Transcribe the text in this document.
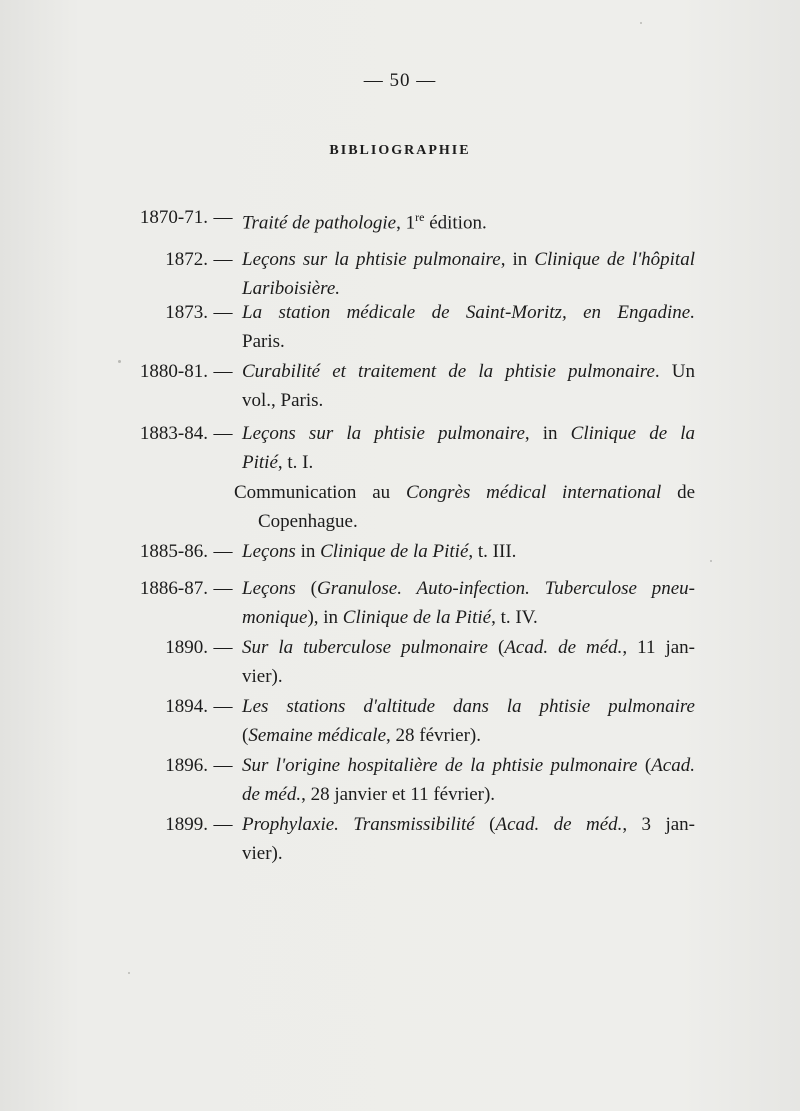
— 50 —
BIBLIOGRAPHIE
1870-71. — Traité de pathologie, 1re édition.
1872. — Leçons sur la phtisie pulmonaire, in Clinique de l'hôpital
Lariboisière.
1873. — La station médicale de Saint-Moritz, en Engadine.
Paris.
1880-81. — Curabilité et traitement de la phtisie pulmonaire. Un
vol., Paris.
1883-84. — Leçons sur la phtisie pulmonaire, in Clinique de la
Pitié, t. I.
Communication au Congrès médical international de
Copenhague.
1885-86. — Leçons in Clinique de la Pitié, t. III.
1886-87. — Leçons (Granulose. Auto-infection. Tuberculose pneu-
monique), in Clinique de la Pitié, t. IV.
1890. — Sur la tuberculose pulmonaire (Acad. de méd., 11 jan-
vier).
1894. — Les stations d'altitude dans la phtisie pulmonaire
(Semaine médicale, 28 février).
1896. — Sur l'origine hospitalière de la phtisie pulmonaire (Acad.
de méd., 28 janvier et 11 février).
1899. — Prophylaxie. Transmissibilité (Acad. de méd., 3 jan-
vier).
